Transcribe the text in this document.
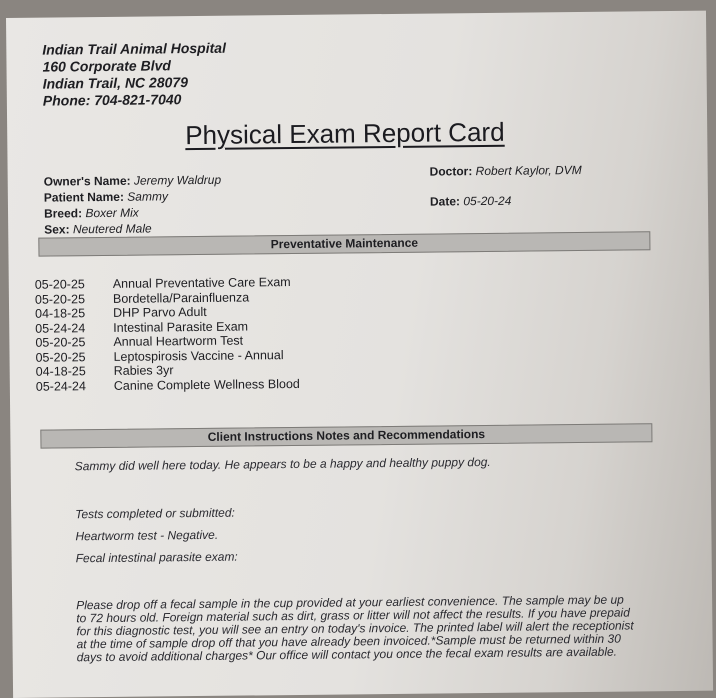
Indian Trail Animal Hospital
160 Corporate Blvd
Indian Trail, NC 28079
Phone: 704-821-7040
Physical Exam Report Card
Owner's Name: Jeremy Waldrup
Patient Name: Sammy
Breed: Boxer Mix
Sex: Neutered Male
Doctor: Robert Kaylor, DVM
Date: 05-20-24
Preventative Maintenance
05-20-25	Annual Preventative Care Exam
05-20-25	Bordetella/Parainfluenza
04-18-25	DHP Parvo Adult
05-24-24	Intestinal Parasite Exam
05-20-25	Annual Heartworm Test
05-20-25	Leptospirosis Vaccine - Annual
04-18-25	Rabies 3yr
05-24-24	Canine Complete Wellness Blood
Client Instructions Notes and Recommendations

Sammy did well here today. He appears to be a happy and healthy puppy dog.

Tests completed or submitted:

Heartworm test - Negative.

Fecal intestinal parasite exam:

Please drop off a fecal sample in the cup provided at your earliest convenience. The sample may be up to 72 hours old. Foreign material such as dirt, grass or litter will not affect the results. If you have prepaid for this diagnostic test, you will see an entry on today's invoice. The printed label will alert the receptionist at the time of sample drop off that you have already been invoiced.*Sample must be returned within 30 days to avoid additional charges* Our office will contact you once the fecal exam results are available.
